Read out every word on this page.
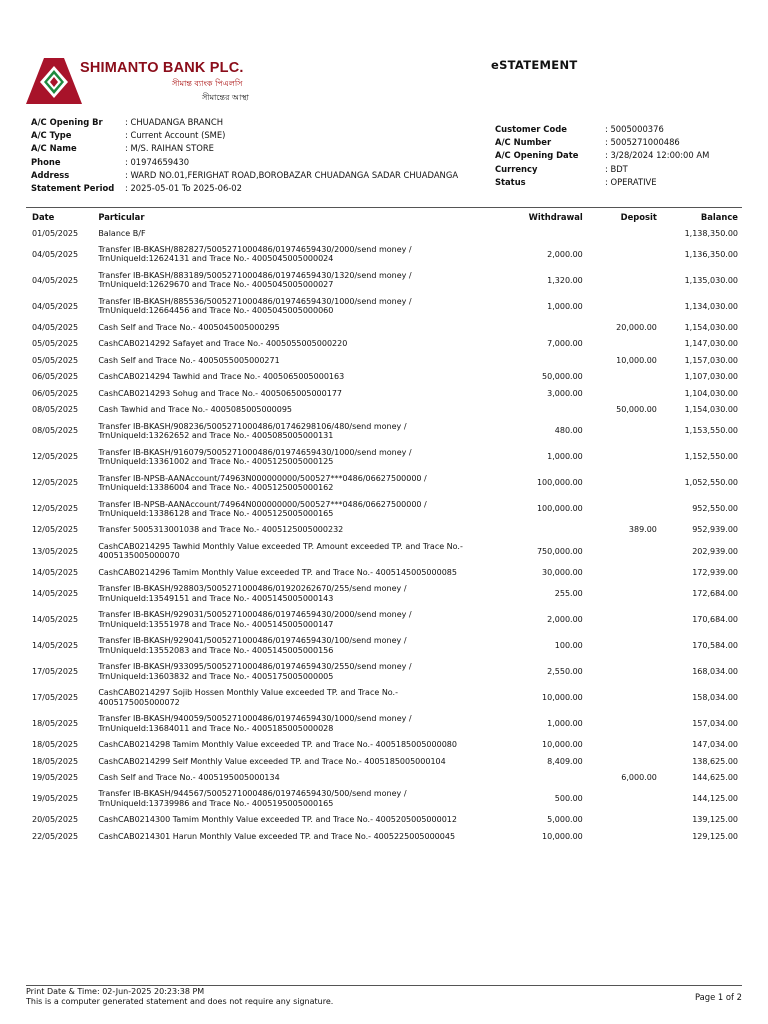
SHIMANTO BANK PLC.
সীমান্ত ব্যাংক পিএলসি
সীমান্তের আস্থা
eSTATEMENT
A/C Opening Br	: CHUADANGA BRANCH
A/C Type	: Current Account (SME)
A/C Name	: M/S. RAIHAN STORE
Phone	: 01974659430
Address	: WARD NO.01,FERIGHAT ROAD,BOROBAZAR CHUADANGA SADAR CHUADANGA
Statement Period	: 2025-05-01 To 2025-06-02
Customer Code	: 5005000376
A/C Number	: 5005271000486
A/C Opening Date	: 3/28/2024 12:00:00 AM
Currency	: BDT
Status	: OPERATIVE
Date	Particular	Withdrawal	Deposit	Balance
01/05/2025	Balance B/F			1,138,350.00
04/05/2025	Transfer IB-BKASH/882827/5005271000486/01974659430/2000/send money /
TrnUniqueId:12624131 and Trace No.- 4005045005000024	2,000.00		1,136,350.00
04/05/2025	Transfer IB-BKASH/883189/5005271000486/01974659430/1320/send money /
TrnUniqueId:12629670 and Trace No.- 4005045005000027	1,320.00		1,135,030.00
04/05/2025	Transfer IB-BKASH/885536/5005271000486/01974659430/1000/send money /
TrnUniqueId:12664456 and Trace No.- 4005045005000060	1,000.00		1,134,030.00
04/05/2025	Cash Self and Trace No.- 4005045005000295		20,000.00	1,154,030.00
05/05/2025	CashCAB0214292 Safayet and Trace No.- 4005055005000220	7,000.00		1,147,030.00
05/05/2025	Cash Self and Trace No.- 4005055005000271		10,000.00	1,157,030.00
06/05/2025	CashCAB0214294 Tawhid and Trace No.- 4005065005000163	50,000.00		1,107,030.00
06/05/2025	CashCAB0214293 Sohug and Trace No.- 4005065005000177	3,000.00		1,104,030.00
08/05/2025	Cash Tawhid and Trace No.- 4005085005000095		50,000.00	1,154,030.00
08/05/2025	Transfer IB-BKASH/908236/5005271000486/01746298106/480/send money /
TrnUniqueId:13262652 and Trace No.- 4005085005000131	480.00		1,153,550.00
12/05/2025	Transfer IB-BKASH/916079/5005271000486/01974659430/1000/send money /
TrnUniqueId:13361002 and Trace No.- 4005125005000125	1,000.00		1,152,550.00
12/05/2025	Transfer IB-NPSB-AANAccount/74963N000000000/500527***0486/06627500000 /
TrnUniqueId:13386004 and Trace No.- 4005125005000162	100,000.00		1,052,550.00
12/05/2025	Transfer IB-NPSB-AANAccount/74964N000000000/500527***0486/06627500000 /
TrnUniqueId:13386128 and Trace No.- 4005125005000165	100,000.00		952,550.00
12/05/2025	Transfer 5005313001038 and Trace No.- 4005125005000232		389.00	952,939.00
13/05/2025	CashCAB0214295 Tawhid Monthly Value exceeded TP. Amount exceeded TP. and Trace No.-
4005135005000070	750,000.00		202,939.00
14/05/2025	CashCAB0214296 Tamim Monthly Value exceeded TP. and Trace No.- 4005145005000085	30,000.00		172,939.00
14/05/2025	Transfer IB-BKASH/928803/5005271000486/01920262670/255/send money /
TrnUniqueId:13549151 and Trace No.- 4005145005000143	255.00		172,684.00
14/05/2025	Transfer IB-BKASH/929031/5005271000486/01974659430/2000/send money /
TrnUniqueId:13551978 and Trace No.- 4005145005000147	2,000.00		170,684.00
14/05/2025	Transfer IB-BKASH/929041/5005271000486/01974659430/100/send money /
TrnUniqueId:13552083 and Trace No.- 4005145005000156	100.00		170,584.00
17/05/2025	Transfer IB-BKASH/933095/5005271000486/01974659430/2550/send money /
TrnUniqueId:13603832 and Trace No.- 4005175005000005	2,550.00		168,034.00
17/05/2025	CashCAB0214297 Sojib Hossen Monthly Value exceeded TP. and Trace No.-
4005175005000072	10,000.00		158,034.00
18/05/2025	Transfer IB-BKASH/940059/5005271000486/01974659430/1000/send money /
TrnUniqueId:13684011 and Trace No.- 4005185005000028	1,000.00		157,034.00
18/05/2025	CashCAB0214298 Tamim Monthly Value exceeded TP. and Trace No.- 4005185005000080	10,000.00		147,034.00
18/05/2025	CashCAB0214299 Self Monthly Value exceeded TP. and Trace No.- 4005185005000104	8,409.00		138,625.00
19/05/2025	Cash Self and Trace No.- 4005195005000134		6,000.00	144,625.00
19/05/2025	Transfer IB-BKASH/944567/5005271000486/01974659430/500/send money /
TrnUniqueId:13739986 and Trace No.- 4005195005000165	500.00		144,125.00
20/05/2025	CashCAB0214300 Tamim Monthly Value exceeded TP. and Trace No.- 4005205005000012	5,000.00		139,125.00
22/05/2025	CashCAB0214301 Harun Monthly Value exceeded TP. and Trace No.- 4005225005000045	10,000.00		129,125.00
Print Date & Time: 02-Jun-2025 20:23:38 PM
This is a computer generated statement and does not require any signature.	Page 1 of 2
